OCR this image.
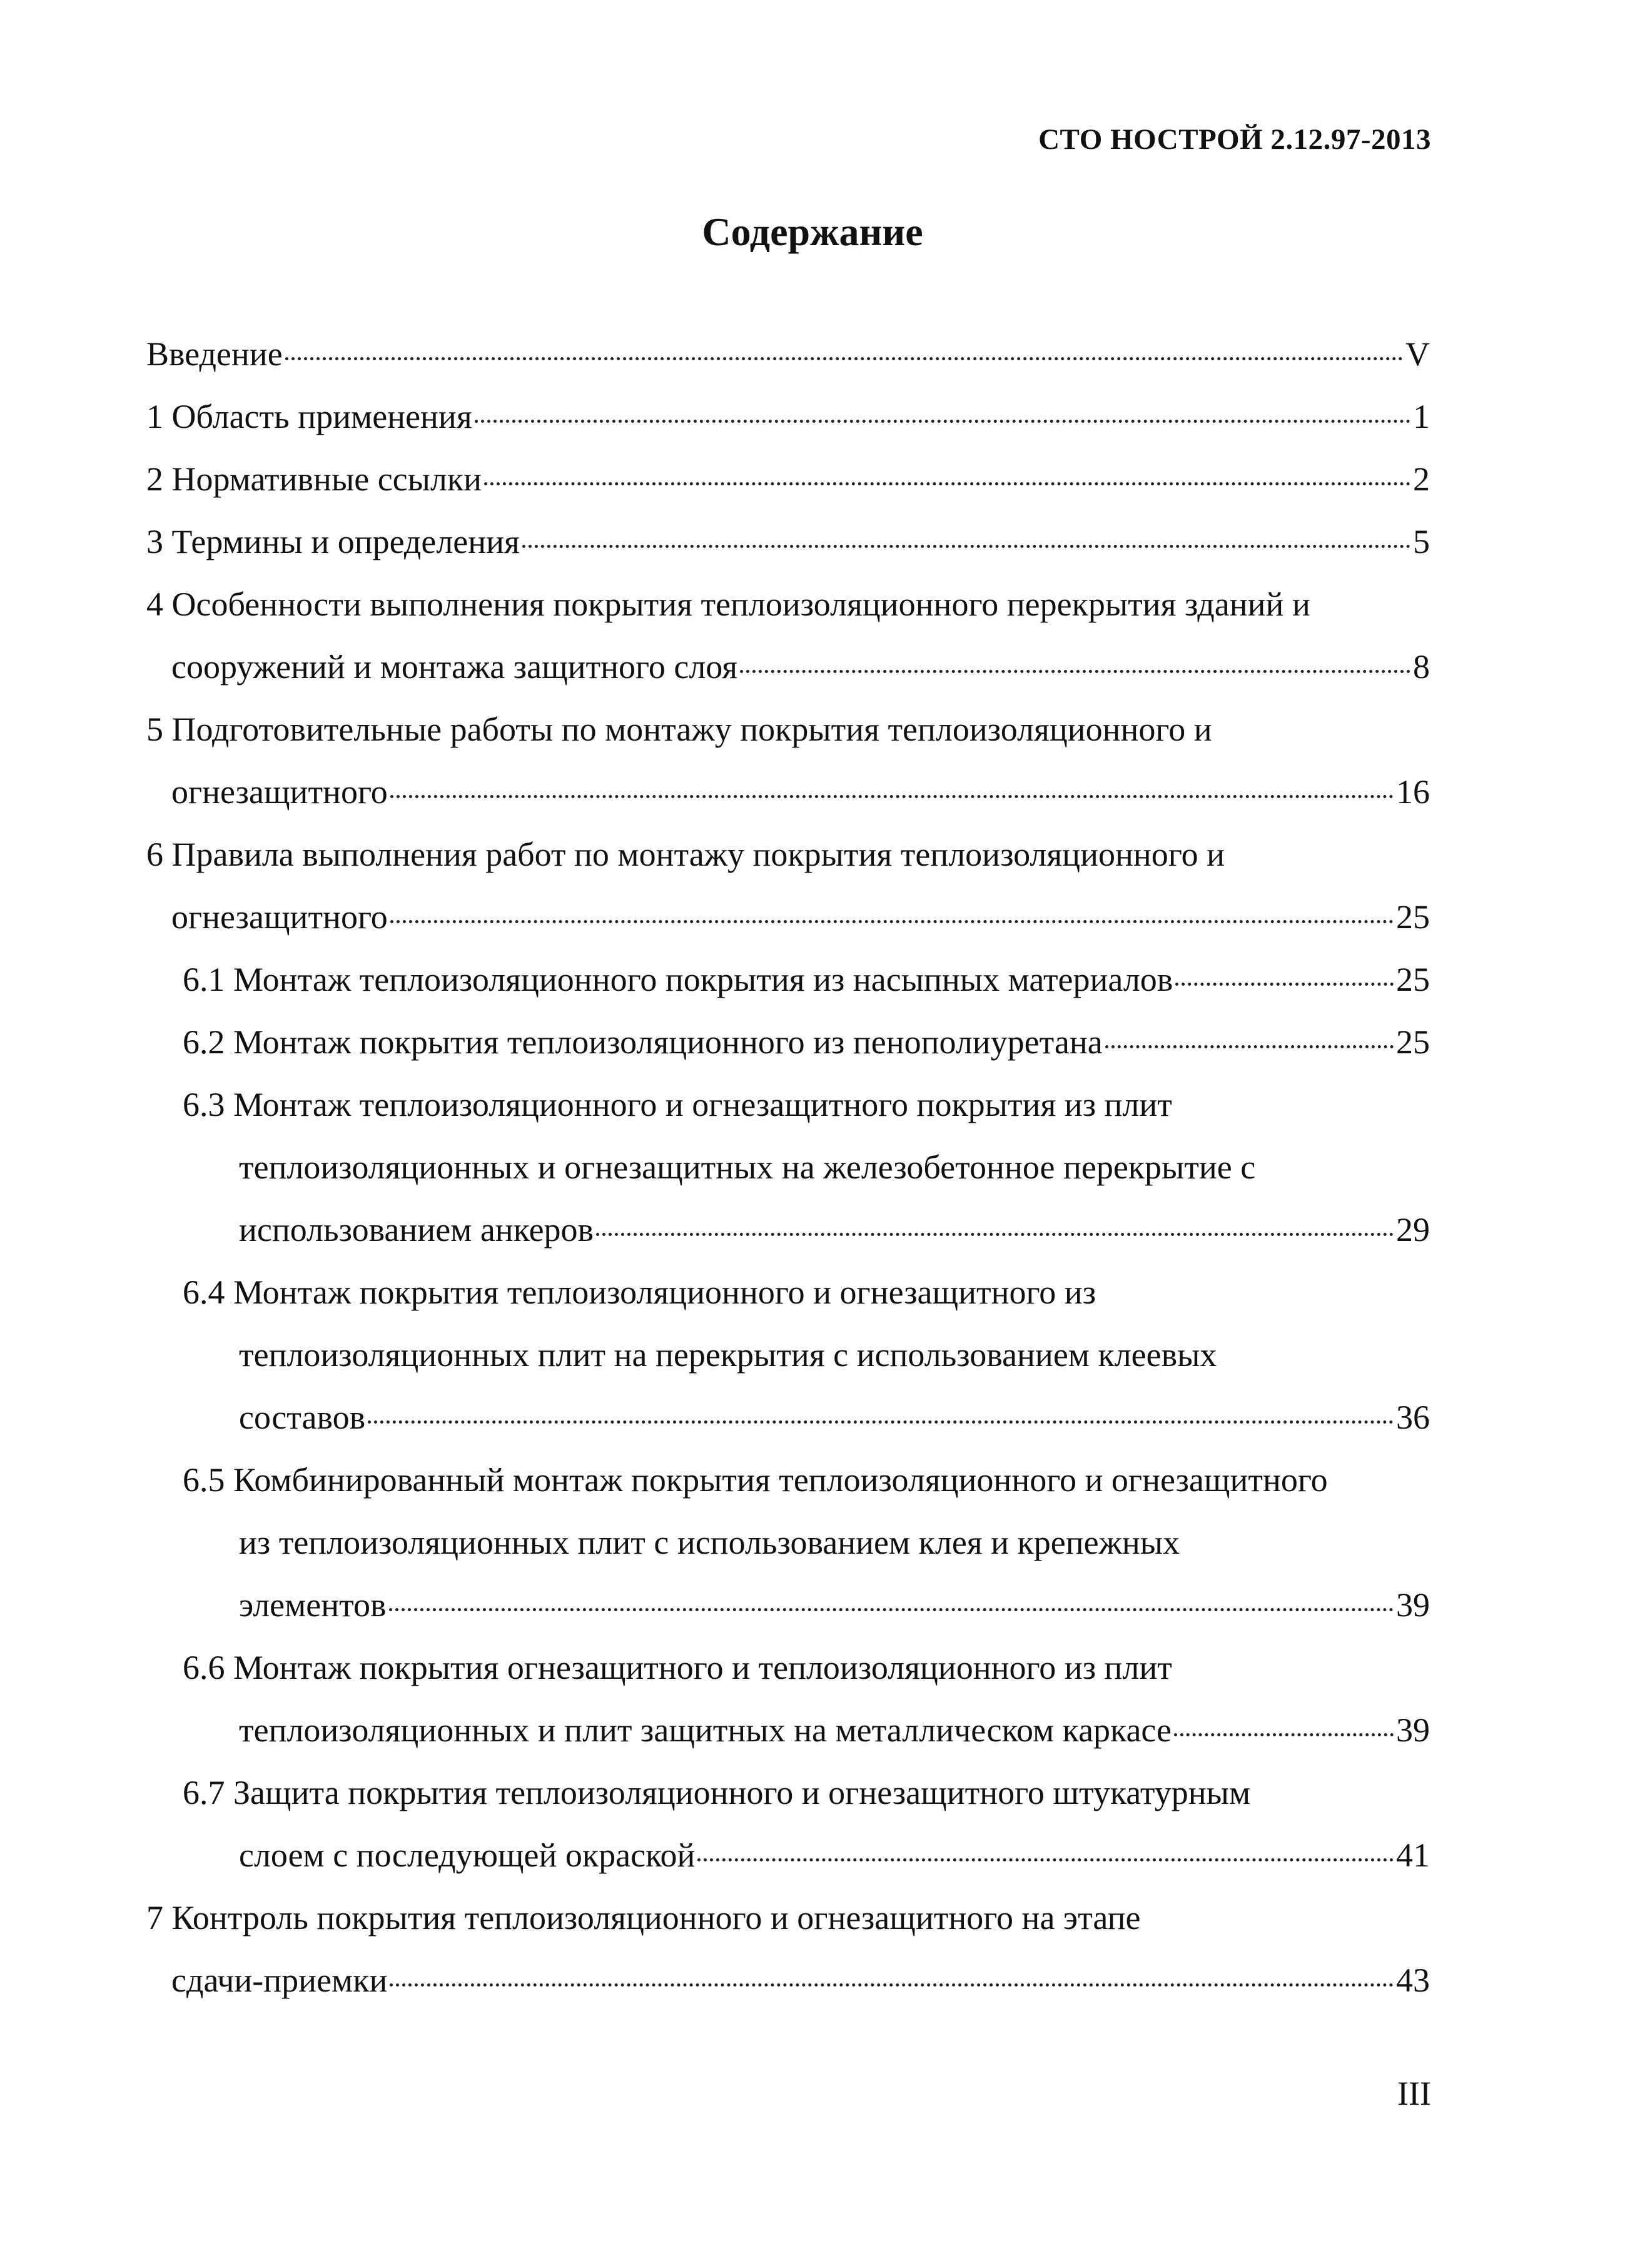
СТО НОСТРОЙ 2.12.97-2013
Содержание
Введение	V
1 Область применения	1
2 Нормативные ссылки	2
3 Термины и определения	5
4 Особенности выполнения покрытия теплоизоляционного перекрытия зданий и
сооружений и монтажа защитного слоя	8
5 Подготовительные работы по монтажу покрытия теплоизоляционного и
огнезащитного	16
6 Правила выполнения работ по монтажу покрытия теплоизоляционного и
огнезащитного	25
6.1 Монтаж теплоизоляционного покрытия из насыпных материалов	25
6.2 Монтаж покрытия теплоизоляционного из пенополиуретана	25
6.3 Монтаж теплоизоляционного и огнезащитного покрытия из плит
теплоизоляционных и огнезащитных на железобетонное перекрытие с
использованием анкеров	29
6.4 Монтаж покрытия теплоизоляционного и огнезащитного из
теплоизоляционных плит на перекрытия с использованием клеевых
составов	36
6.5 Комбинированный монтаж покрытия теплоизоляционного и огнезащитного
из теплоизоляционных плит с использованием клея и крепежных
элементов	39
6.6 Монтаж покрытия огнезащитного и теплоизоляционного из плит
теплоизоляционных и плит защитных на металлическом каркасе	39
6.7 Защита покрытия теплоизоляционного и огнезащитного штукатурным
слоем с последующей окраской	41
7 Контроль покрытия теплоизоляционного и огнезащитного на этапе
сдачи-приемки	43
III
